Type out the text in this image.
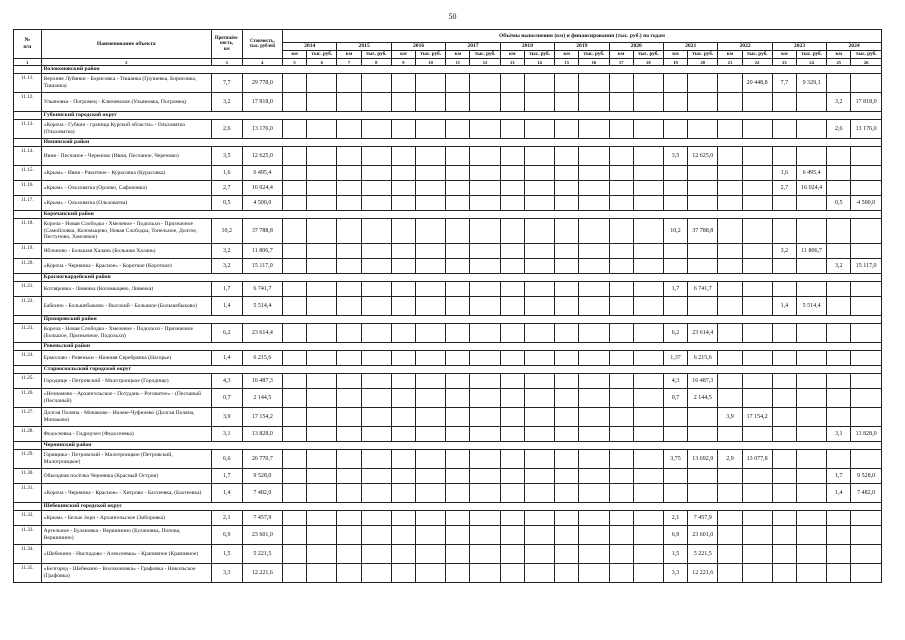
50
№
п/п	Наименование объекта	Протяжён-
ность,
км	Стоимость,
тыс. рублей	Объёмы выполнения (км) и финансирования (тыс. руб.) по годам																					
				2014		2015		2016		2017		2018		2019		2020		2021		2022		2023		2024	
				км	тыс. руб.	км	тыс. руб.	км	тыс. руб.	км	тыс. руб.	км	тыс. руб.	км	тыс. руб.	км	тыс. руб.	км	тыс. руб.	км	тыс. руб.	км	тыс. руб.	км	тыс. руб.
1	2	3	4	5	6	7	8	9	10	11	12	13	14	15	16	17	18	19	20	21	22	23	24	25	26
	Волоконовский район																								
11.11.	Верхние Лубянки - Борисовка - Тишанка (Грушевка, Борисовка, Тишанка)	7,7	29 778,0																		20 448,8	7,7	9 329,1		
11.12.	Ульяновка - Погромец - Ключевское (Ульяновка, Погромец)	3,2	17 818,0																					3,2	17 818,0
	Губкинский городской округ																								
11.13.	«Короча - Губкин - граница Курской области» - Ольховатка (Ольховатка)	2,6	13 176,0																					2,6	13 176,0
	Ивнянский район																								
11.14.	Ивня - Песчаное - Череново (Ивня, Песчаное, Череново)	3,5	12 625,0															3,5	12 625,0						
11.15.	«Крым» - Ивня - Ракитное - Курасовка (Курасовка)	1,6	6 495,4																			1,6	6 495,4		
11.16.	«Крым» - Ольховатка (Орлово, Сафоновка)	2,7	16 024,4																			2,7	16 024,4		
11.17.	«Крым» - Ольховатка (Ольховатка)	0,5	4 500,0																					0,5	4 500,0
	Корочанский район																								
11.18.	Короча - Новая Слободка - Хмелевое - Подольхи - Призначное (Самойловка, Коломыцево, Новая Слободка, Тонельное, Долгое, Пестуново, Хмелевое)	10,2	37 788,8															10,2	37 788,8						
11.19.	Яблоново - Большая Халань (Большая Халань)	3,2	11 806,7																			3,2	11 806,7		
11.20.	«Короча - Чернянка - Красное» - Короткое (Короткое)	3,2	15 117,0																					3,2	15 117,0
	Красногвардейский район																								
11.21.	Котляровка - Ливенка (Коломыцево, Ливенка)	1,7	6 741,7															1,7	6 741,7						
11.22.	Бабкино - Большебыково - Высокий - Болышое (Большебыково)	1,4	5 514,4																			1,4	5 514,4		
	Прохоровский район																								
11.23.	Короча - Новая Слободка - Хмелевое - Подольхи - Призначное (Большое, Призначное, Подольхи)	6,2	23 614,4															6,2	23 614,4						
	Ровеньский район																								
11.24.	Ермолово - Ровеньки - Нижняя Серебрянка (Нагорье)	1,4	6 215,6															1,37	6 215,6						
	Старооскольский городской округ																								
11.25.	Городище - Петровский - Малотроицкое (Городище)	4,3	16 487,3															4,3	16 487,3						
11.26.	«Незнамово - Архангельское - Потудань - Роговатое» - (Песчаный (Песчаный)	0,7	2 144,5															0,7	2 144,5						
11.27.	Долгая Поляна - Монаково - Нижне-Чуфичево (Долгая Поляна, Монаково)	3,9	17 154,2																	3,9	17 154,2				
11.28.	Федосеевка - Гидроузел (Федосеевка)	3,1	13 828,0																					3,1	13 828,0
	Чернянский район																								
11.29.	Горящика - Петровский - Малотроицкое (Петровский, Малотроицкое)	6,6	26 770,7															3,75	13 692,9	2,9	13 077,8				
11.30.	Объездная посёлка Чернянка (Красный Остров)	1,7	9 528,0																					1,7	9 528,0
11.31.	«Короча - Чернянка - Красное» - Хитрово - Бахтеевка, (Бахтеевка)	1,4	7 482,0																					1,4	7 482,0
	Шебекинский городской округ																								
11.32.	«Крым» - Белые Зори - Архангельское (Зиборовка)	2,1	7 457,9															2,1	7 457,9						
11.33.	Артельное - Булановка - Вершинино (Булановка, Попова, Вершинино)	6,9	23 601,0															6,9	23 601,0						
11.34.	«Шебекино - Ниспадово - Алексеевка» - Крапивное (Крапивное)	1,5	5 221,5															1,5	5 221,5						
11.35.	«Белгород - Шебекино - Волоконовка» - Графовка - Никольское (Графовка)	3,3	12 221,6															3,3	12 221,6						
